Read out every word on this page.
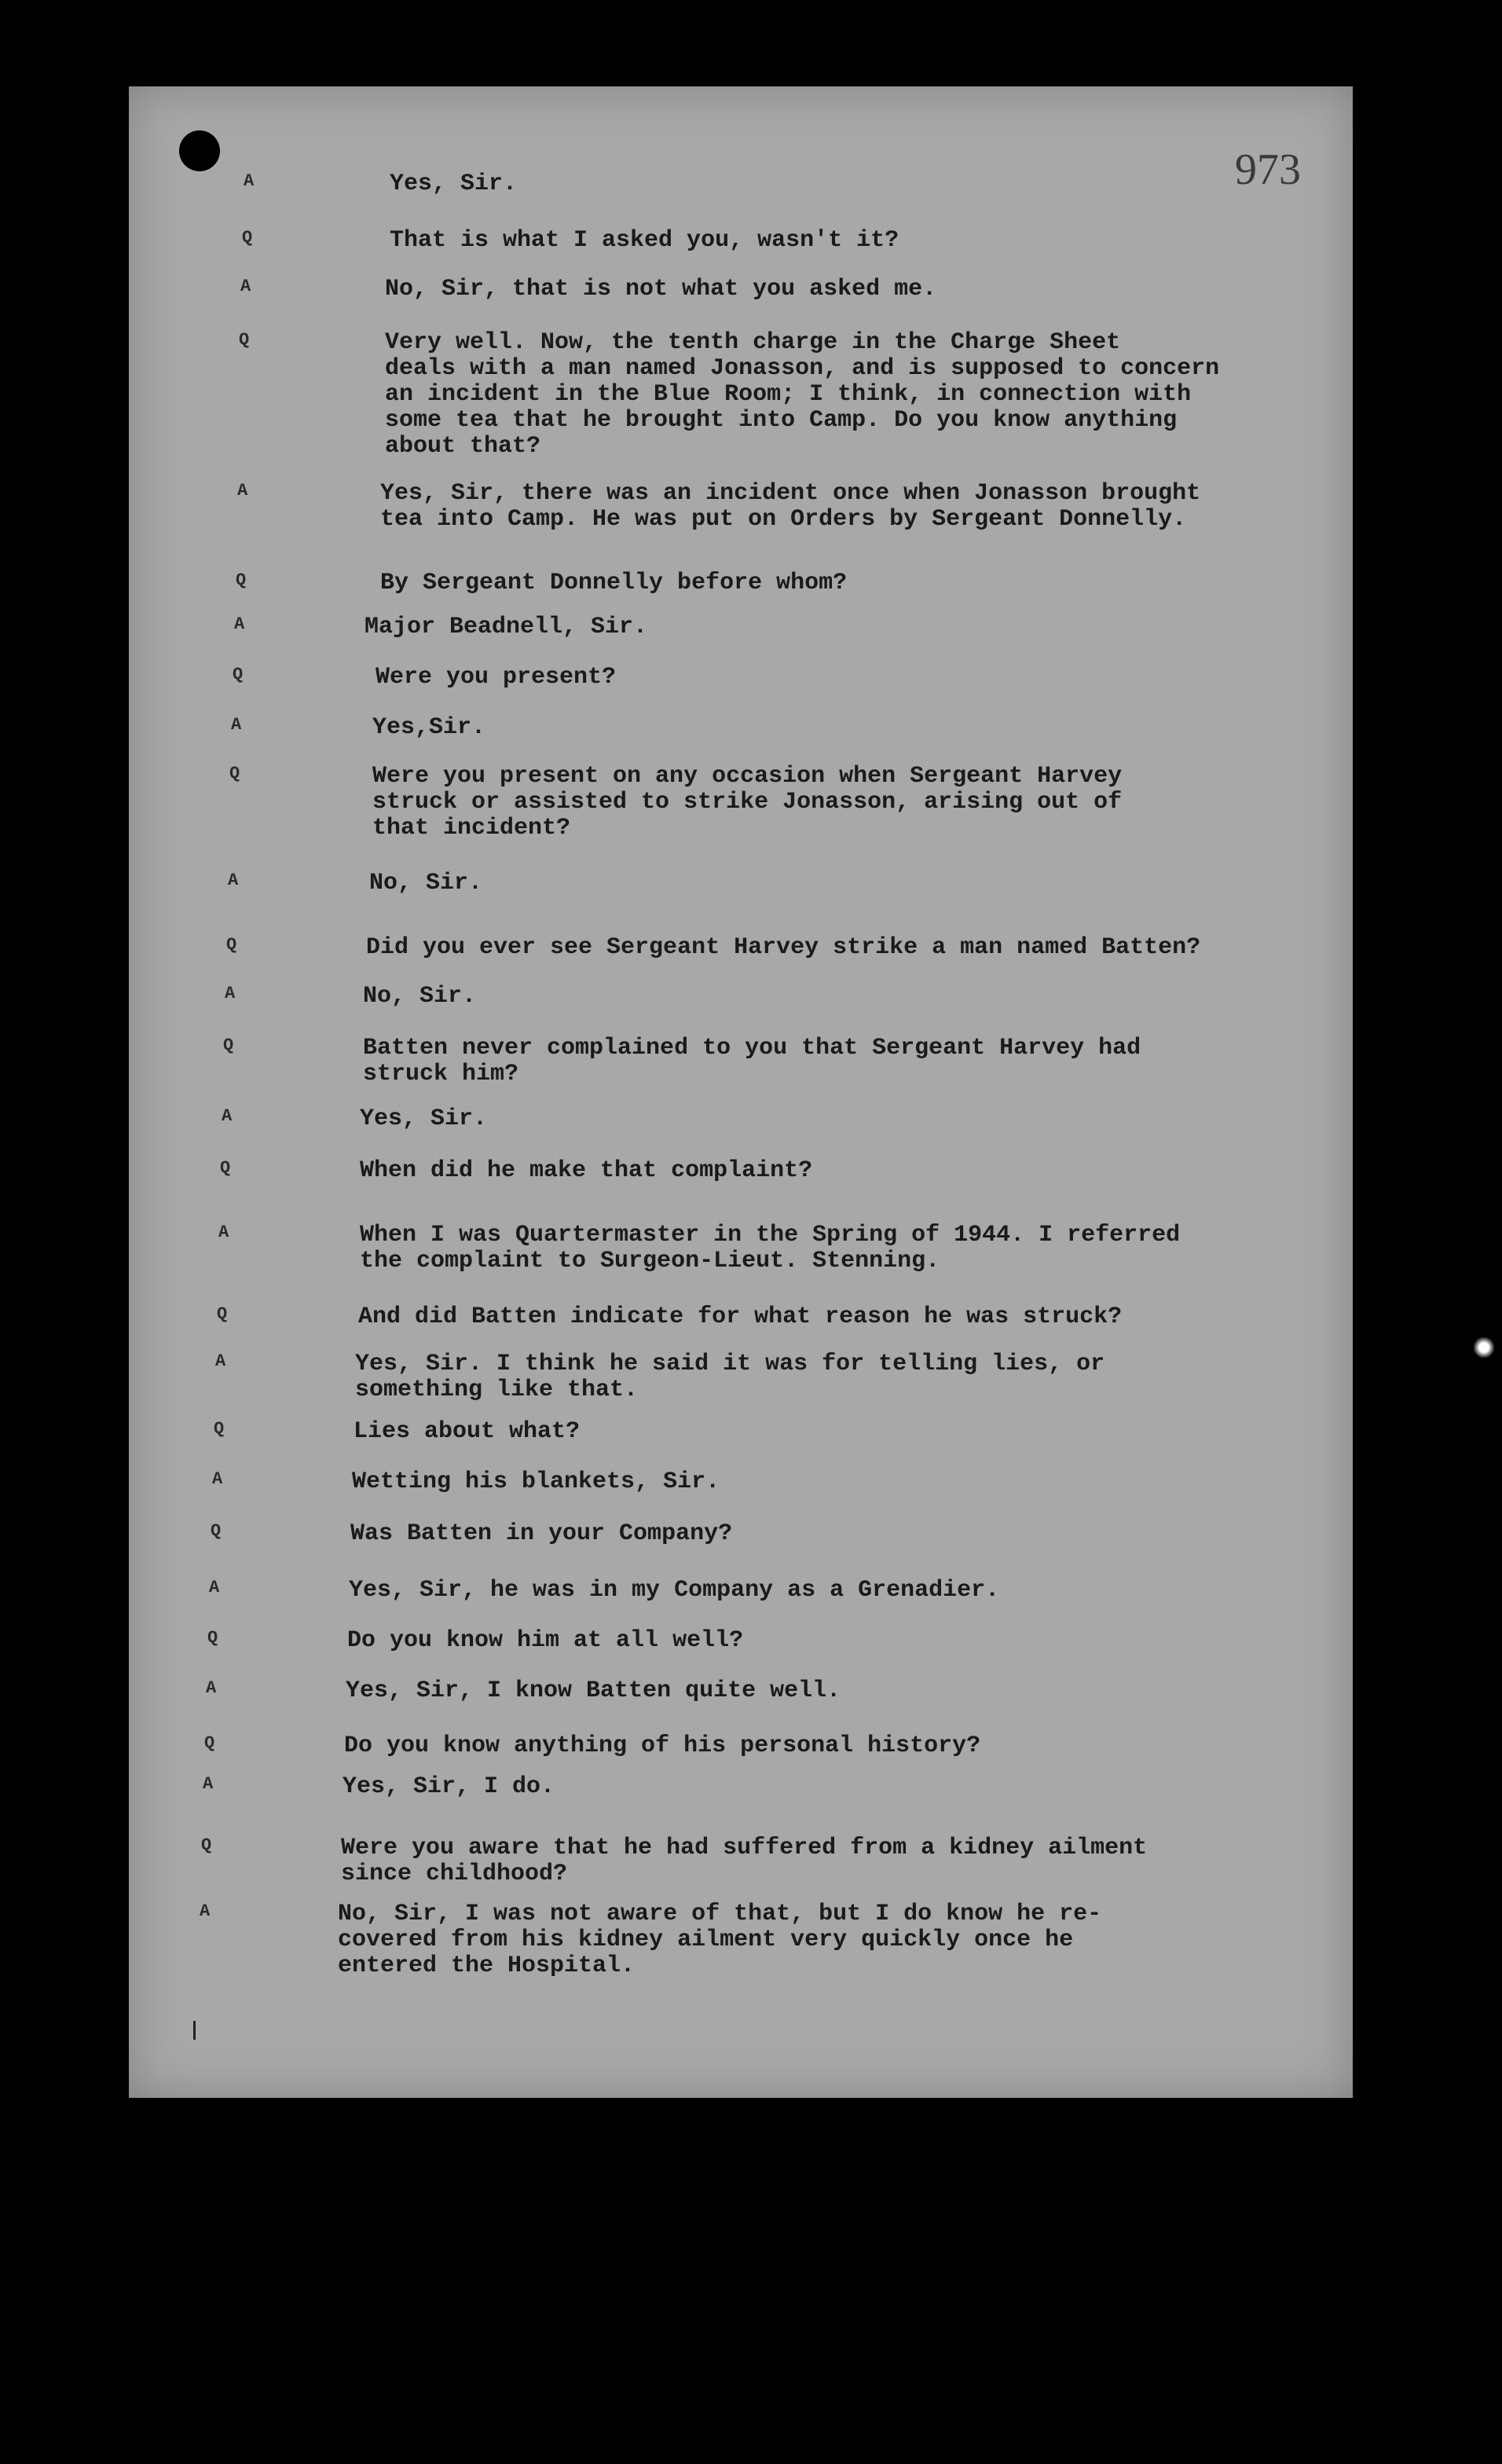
973
A	Yes, Sir.
Q	That is what I asked you, wasn't it?
A	No, Sir, that is not what you asked me.
Q	Very well. Now, the tenth charge in the Charge Sheet
deals with a man named Jonasson, and is supposed to concern
an incident in the Blue Room; I think, in connection with
some tea that he brought into Camp. Do you know anything
about that?
A	Yes, Sir, there was an incident once when Jonasson brought
tea into Camp. He was put on Orders by Sergeant Donnelly.
Q	By Sergeant Donnelly before whom?
A	Major Beadnell, Sir.
Q	Were you present?
A	Yes,Sir.
Q	Were you present on any occasion when Sergeant Harvey
struck or assisted to strike Jonasson, arising out of
that incident?
A	No, Sir.
Q	Did you ever see Sergeant Harvey strike a man named Batten?
A	No, Sir.
Q	Batten never complained to you that Sergeant Harvey had
struck him?
A	Yes, Sir.
Q	When did he make that complaint?
A	When I was Quartermaster in the Spring of 1944. I referred
the complaint to Surgeon-Lieut. Stenning.
Q	And did Batten indicate for what reason he was struck?
A	Yes, Sir. I think he said it was for telling lies, or
something like that.
Q	Lies about what?
A	Wetting his blankets, Sir.
Q	Was Batten in your Company?
A	Yes, Sir, he was in my Company as a Grenadier.
Q	Do you know him at all well?
A	Yes, Sir, I know Batten quite well.
Q	Do you know anything of his personal history?
A	Yes, Sir, I do.
Q	Were you aware that he had suffered from a kidney ailment
since childhood?
A	No, Sir, I was not aware of that, but I do know he re-
covered from his kidney ailment very quickly once he
entered the Hospital.
